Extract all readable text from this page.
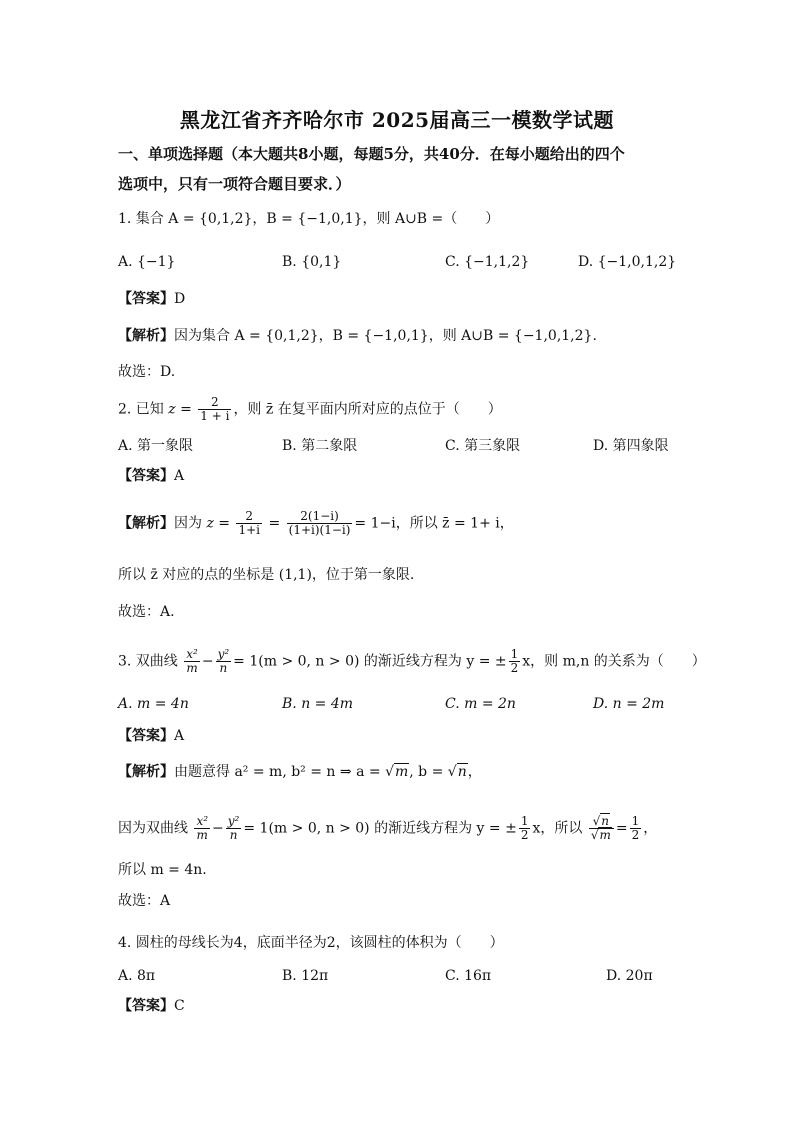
黑龙江省齐齐哈尔市 2025届高三一模数学试题
一、单项选择题（本大题共8小题，每题5分，共40分．在每小题给出的四个
选项中，只有一项符合题目要求．）
1. 集合 A = {0,1,2}，B = {−1,0,1}，则 A∪B =（　　）
A. {−1}	B. {0,1}	C. {−1,1,2}	D. {−1,0,1,2}
【答案】D
【解析】因为集合 A = {0,1,2}，B = {−1,0,1}，则 A∪B = {−1,0,1,2}.
故选：D.
2. 已知 $z = \frac{2}{1 + i}$ ，则 z̄ 在复平面内所对应的点位于（　　）
A. 第一象限	B. 第二象限	C. 第三象限	D. 第四象限
【答案】A
【解析】因为 $z = \frac{2}{1+i} = \frac{2(1-i)}{(1+i)(1-i)} = 1-i$，所以 z̄ = 1+ i，
所以 z̄ 对应的点的坐标是 (1,1)，位于第一象限.
故选：A.
3. 双曲线 $\frac{\text{x²}}{m} - \frac{\text{y²}}{n} = 1(m > 0$, n > 0) 的渐近线方程为 y = ± $\frac{1}{2}$ x，则 m,n 的关系为（　　）
A. m = 4n	B. n = 4m	C. m = 2n	D. n = 2m
【答案】A
【解析】由题意得 a² = m, b² = n ⇒ a = √m, b = √n，
因为双曲线 $\frac{\text{x²}}{m} - \frac{\text{y²}}{n} = 1(m > 0$, n > 0) 的渐近线方程为 y = ± $\frac{1}{2}$ x，所以 $\frac{√n}{√m} = \frac{1}{2}$ ，
所以 m = 4n.
故选：A
4. 圆柱的母线长为4，底面半径为2，该圆柱的体积为（　　）
A. 8π	B. 12π	C. 16π	D. 20π
【答案】C
